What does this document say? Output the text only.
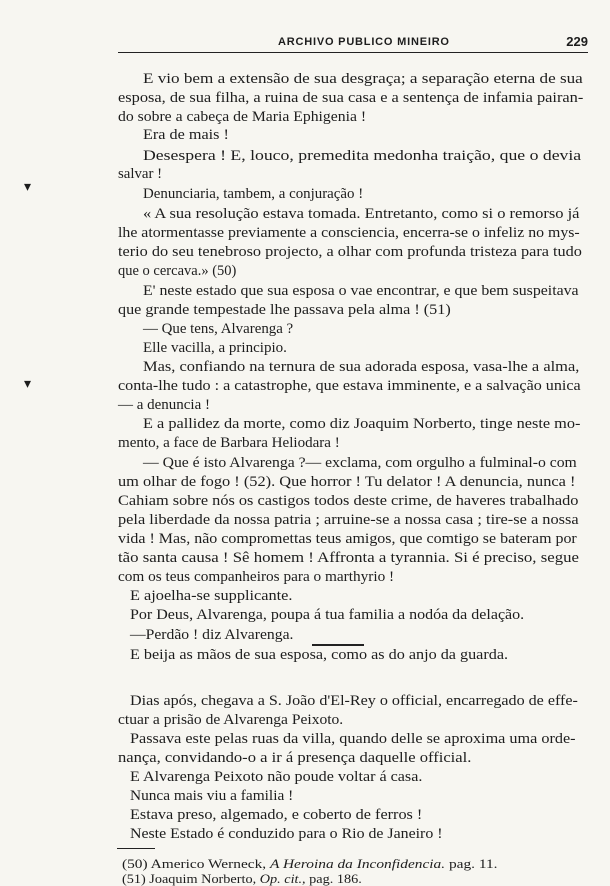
ARCHIVO PUBLICO MINEIRO	229
▾
▾
E vio bem a extensão de sua desgraça; a separação eterna de sua
esposa, de sua filha, a ruina de sua casa e a sentença de infamia pairan-
do sobre a cabeça de Maria Ephigenia !
Era de mais !
Desespera ! E, louco, premedita medonha traição, que o devia
salvar !
Denunciaria, tambem, a conjuração !
« A sua resolução estava tomada. Entretanto, como si o remorso já
lhe atormentasse previamente a consciencia, encerra-se o infeliz no mys-
terio do seu tenebroso projecto, a olhar com profunda tristeza para tudo
que o cercava.» (50)
E' neste estado que sua esposa o vae encontrar, e que bem suspeitava
que grande tempestade lhe passava pela alma ! (51)
— Que tens, Alvarenga ?
Elle vacilla, a principio.
Mas, confiando na ternura de sua adorada esposa, vasa-lhe a alma,
conta-lhe tudo : a catastrophe, que estava imminente, e a salvação unica
— a denuncia !
E a pallidez da morte, como diz Joaquim Norberto, tinge neste mo-
mento, a face de Barbara Heliodara !
— Que é isto Alvarenga ?— exclama, com orgulho a fulminal-o com
um olhar de fogo ! (52). Que horror ! Tu delator ! A denuncia, nunca !
Cahiam sobre nós os castigos todos deste crime, de haveres trabalhado
pela liberdade da nossa patria ; arruine-se a nossa casa ; tire-se a nossa
vida ! Mas, não compromettas teus amigos, que comtigo se bateram por
tão santa causa ! Sê homem ! Affronta a tyrannia. Si é preciso, segue
com os teus companheiros para o marthyrio !
E ajoelha-se supplicante.
Por Deus, Alvarenga, poupa á tua familia a nodóa da delação.
—Perdão ! diz Alvarenga.
E beija as mãos de sua esposa, como as do anjo da guarda.
Dias após, chegava a S. João d'El-Rey o official, encarregado de effe-
ctuar a prisão de Alvarenga Peixoto.
Passava este pelas ruas da villa, quando delle se aproxima uma orde-
nança, convidando-o a ir á presença daquelle official.
E Alvarenga Peixoto não poude voltar á casa.
Nunca mais viu a familia !
Estava preso, algemado, e coberto de ferros !
Neste Estado é conduzido para o Rio de Janeiro !
(50) Americo Werneck, A Heroina da Inconfidencia. pag. 11.
(51) Joaquim Norberto, Op. cit., pag. 186.
